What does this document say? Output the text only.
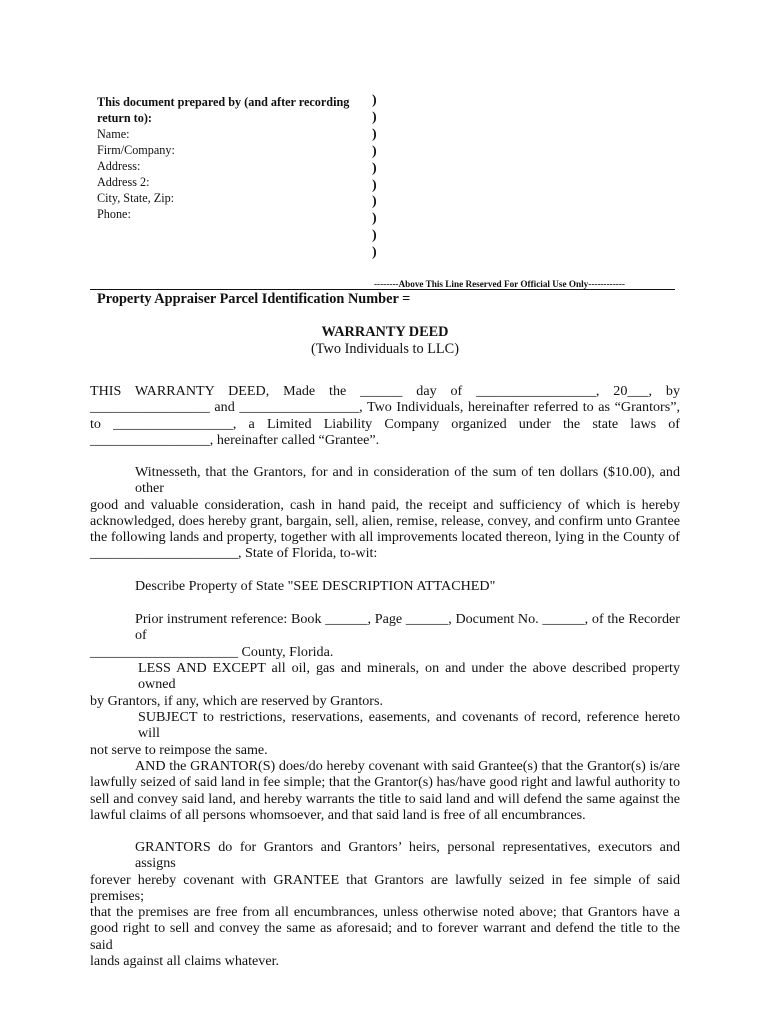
This document prepared by (and after recording
return to):
Name:
Firm/Company:
Address:
Address 2:
City, State, Zip:
Phone:
)
)
)
)
)
)
)
)
)
)
--------Above This Line Reserved For Official Use Only------------
Property Appraiser Parcel Identification Number =
WARRANTY DEED
(Two Individuals to LLC)
THIS WARRANTY DEED, Made the ______ day of _________________, 20___, by
_________________ and _________________, Two Individuals, hereinafter referred to as “Grantors”,
to _________________, a Limited Liability Company organized under the state laws of
_________________, hereinafter called “Grantee”.
Witnesseth, that the Grantors, for and in consideration of the sum of ten dollars ($10.00), and other
good and valuable consideration, cash in hand paid, the receipt and sufficiency of which is hereby
acknowledged, does hereby grant, bargain, sell, alien, remise, release, convey, and confirm unto Grantee
the following lands and property, together with all improvements located thereon, lying in the County of
_____________________, State of Florida, to-wit:
Describe Property of State "SEE DESCRIPTION ATTACHED"
Prior instrument reference: Book ______, Page ______, Document No. ______, of the Recorder of
_____________________ County, Florida.
LESS AND EXCEPT all oil, gas and minerals, on and under the above described property owned
by Grantors, if any, which are reserved by Grantors.
SUBJECT to restrictions, reservations, easements, and covenants of record, reference hereto will
not serve to reimpose the same.
AND the GRANTOR(S) does/do hereby covenant with said Grantee(s) that the Grantor(s) is/are
lawfully seized of said land in fee simple; that the Grantor(s) has/have good right and lawful authority to
sell and convey said land, and hereby warrants the title to said land and will defend the same against the
lawful claims of all persons whomsoever, and that said land is free of all encumbrances.
GRANTORS do for Grantors and Grantors’ heirs, personal representatives, executors and assigns
forever hereby covenant with GRANTEE that Grantors are lawfully seized in fee simple of said premises;
that the premises are free from all encumbrances, unless otherwise noted above; that Grantors have a
good right to sell and convey the same as aforesaid; and to forever warrant and defend the title to the said
lands against all claims whatever.
